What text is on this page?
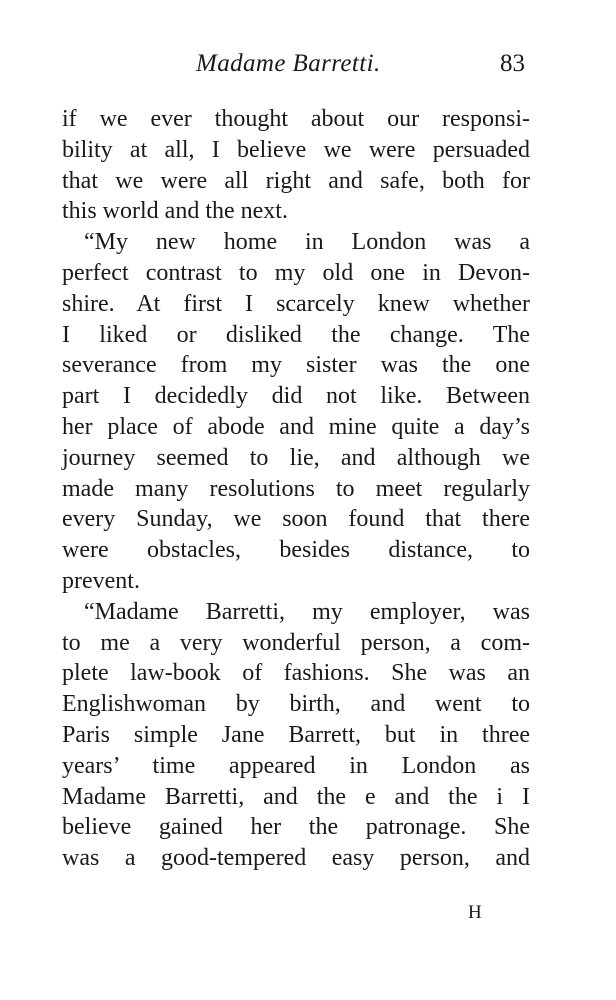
Madame Barretti.	83
if we ever thought about our responsi-
bility at all, I believe we were persuaded
that we were all right and safe, both for
this world and the next.
“My new home in London was a
perfect contrast to my old one in Devon-
shire. At first I scarcely knew whether
I liked or disliked the change. The
severance from my sister was the one
part I decidedly did not like. Between
her place of abode and mine quite a day’s
journey seemed to lie, and although we
made many resolutions to meet regularly
every Sunday, we soon found that there
were obstacles, besides distance, to
prevent.
“Madame Barretti, my employer, was
to me a very wonderful person, a com-
plete law-book of fashions. She was an
Englishwoman by birth, and went to
Paris simple Jane Barrett, but in three
years’ time appeared in London as
Madame Barretti, and the e and the i I
believe gained her the patronage. She
was a good-tempered easy person, and
H
